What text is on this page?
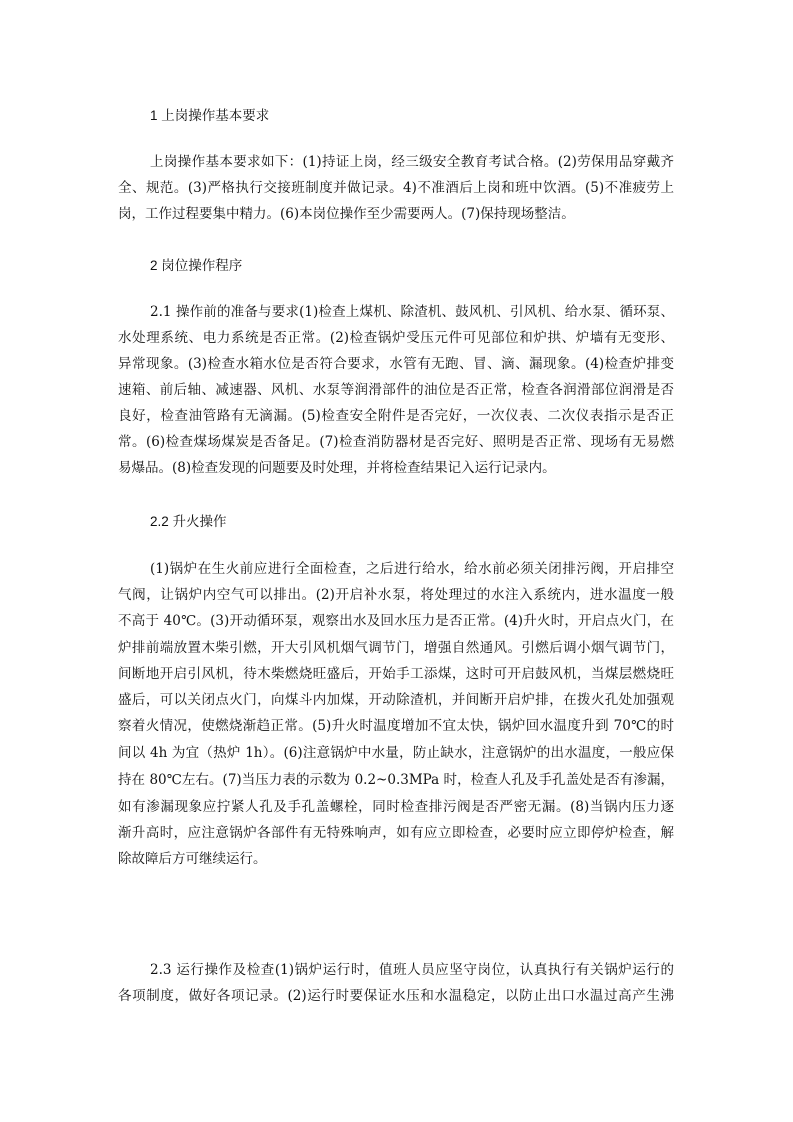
1 上岗操作基本要求
上岗操作基本要求如下：(1)持证上岗，经三级安全教育考试合格。(2)劳保用品穿戴齐
全、规范。(3)严格执行交接班制度并做记录。4)不准酒后上岗和班中饮酒。(5)不准疲劳上
岗，工作过程要集中精力。(6)本岗位操作至少需要两人。(7)保持现场整洁。
2 岗位操作程序
2.1 操作前的准备与要求(1)检查上煤机、除渣机、鼓风机、引风机、给水泵、循环泵、
水处理系统、电力系统是否正常。(2)检查锅炉受压元件可见部位和炉拱、炉墙有无变形、
异常现象。(3)检查水箱水位是否符合要求，水管有无跑、冒、滴、漏现象。(4)检查炉排变
速箱、前后轴、减速器、风机、水泵等润滑部件的油位是否正常，检查各润滑部位润滑是否
良好，检查油管路有无滴漏。(5)检查安全附件是否完好，一次仪表、二次仪表指示是否正
常。(6)检查煤场煤炭是否备足。(7)检查消防器材是否完好、照明是否正常、现场有无易燃
易爆品。(8)检查发现的问题要及时处理，并将检查结果记入运行记录内。
2.2 升火操作
(1)锅炉在生火前应进行全面检查，之后进行给水，给水前必须关闭排污阀，开启排空
气阀，让锅炉内空气可以排出。(2)开启补水泵，将处理过的水注入系统内，进水温度一般
不高于 40℃。(3)开动循环泵，观察出水及回水压力是否正常。(4)升火时，开启点火门，在
炉排前端放置木柴引燃，开大引风机烟气调节门，增强自然通风。引燃后调小烟气调节门，
间断地开启引风机，待木柴燃烧旺盛后，开始手工添煤，这时可开启鼓风机，当煤层燃烧旺
盛后，可以关闭点火门，向煤斗内加煤，开动除渣机，并间断开启炉排，在拨火孔处加强观
察着火情况，使燃烧渐趋正常。(5)升火时温度增加不宜太快，锅炉回水温度升到 70℃的时
间以 4h 为宜（热炉 1h）。(6)注意锅炉中水量，防止缺水，注意锅炉的出水温度，一般应保
持在 80℃左右。(7)当压力表的示数为 0.2~0.3MPa 时，检查人孔及手孔盖处是否有渗漏，
如有渗漏现象应拧紧人孔及手孔盖螺栓，同时检查排污阀是否严密无漏。(8)当锅内压力逐
渐升高时，应注意锅炉各部件有无特殊响声，如有应立即检查，必要时应立即停炉检查，解
除故障后方可继续运行。
2.3 运行操作及检查(1)锅炉运行时，值班人员应坚守岗位，认真执行有关锅炉运行的
各项制度，做好各项记录。(2)运行时要保证水压和水温稳定，以防止出口水温过高产生沸
